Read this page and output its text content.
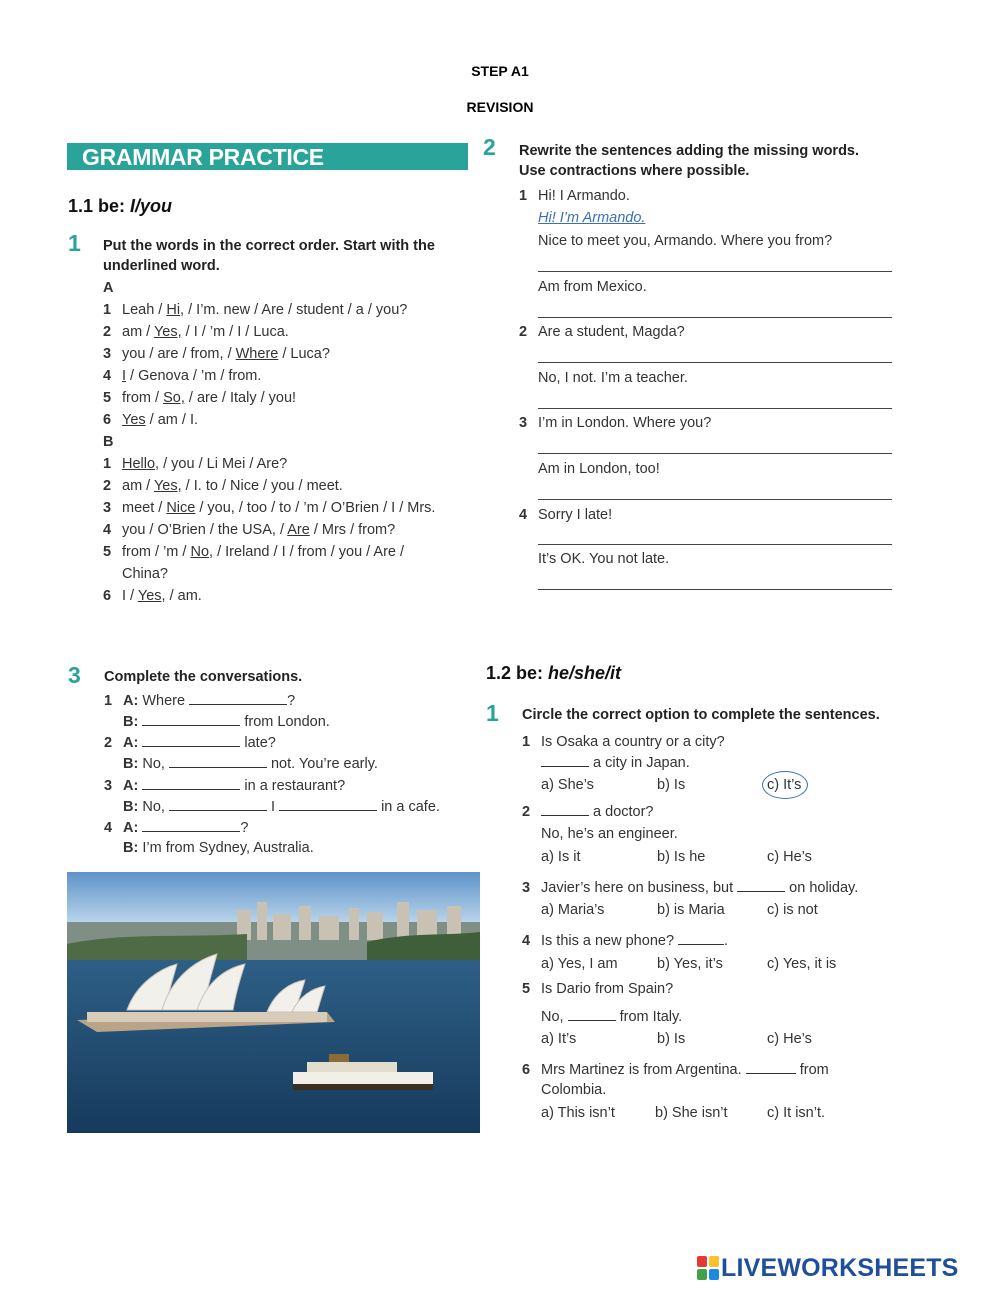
STEP A1
REVISION
GRAMMAR PRACTICE
1.1 be: I/you
1 Put the words in the correct order. Start with the
underlined word.
A
1 Leah / Hi, / I’m. new / Are / student / a / you?
2 am / Yes, / I / ’m / I / Luca.
3 you / are / from, / Where / Luca?
4 I / Genova / ’m / from.
5 from / So, / are / Italy / you!
6 Yes / am / I.
B
1 Hello, / you / Li Mei / Are?
2 am / Yes, / I. to / Nice / you / meet.
3 meet / Nice / you, / too / to / ’m / O’Brien / I / Mrs.
4 you / O’Brien / the USA, / Are / Mrs / from?
5 from / ’m / No, / Ireland / I / from / you / Are /
China?
6 I / Yes, / am.
2 Rewrite the sentences adding the missing words.
Use contractions where possible.
1 Hi! I Armando.
Hi! I’m Armando.
Nice to meet you, Armando. Where you from?
Am from Mexico.
2 Are a student, Magda?
No, I not. I’m a teacher.
3 I’m in London. Where you?
Am in London, too!
4 Sorry I late!
It’s OK. You not late.
3 Complete the conversations.
1 A: Where	?
B:	from London.
2 A:	late?
B: No,	not. You’re early.
3 A:	in a restaurant?
B: No,	I	in a cafe.
4 A:	?
B: I’m from Sydney, Australia.
1.2 be: he/she/it
1 Circle the correct option to complete the sentences.
1 Is Osaka a country or a city?
a city in Japan.
a) She’s	b) Is	c) It’s
2	a doctor?
No, he’s an engineer.
a) Is it	b) Is he	c) He’s
3 Javier’s here on business, but	on holiday.
a) Maria’s	b) is Maria	c) is not
4 Is this a new phone?	.
a) Yes, I am	b) Yes, it’s	c) Yes, it is
5 Is Dario from Spain?
No,	from Italy.
a) It’s	b) Is	c) He’s
6 Mrs Martinez is from Argentina.	from
Colombia.
a) This isn’t	b) She isn’t	c) It isn’t.
LIVEWORKSHEETS
